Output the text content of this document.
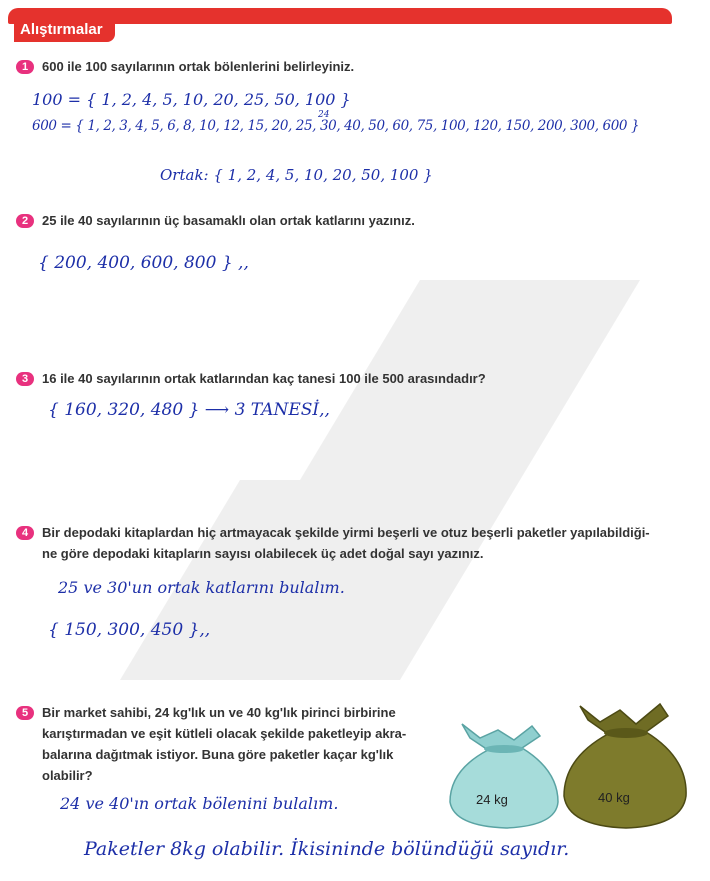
Alıştırmalar
1 600 ile 100 sayılarının ortak bölenlerini belirleyiniz.
100 = { 1, 2, 4, 5, 10, 20, 25, 50, 100 }
24
600 = { 1, 2, 3, 4, 5, 6, 8, 10, 12, 15, 20, 25, 30, 40, 50, 60, 75, 100, 120, 150, 200, 300, 600 }
Ortak: { 1, 2, 4, 5, 10, 20, 50, 100 }
2 25 ile 40 sayılarının üç basamaklı olan ortak katlarını yazınız.
{ 200, 400, 600, 800 } ,,
3 16 ile 40 sayılarının ortak katlarından kaç tanesi 100 ile 500 arasındadır?
{ 160, 320, 480 } ⟶ 3 TANESİ,,
4 Bir depodaki kitaplardan hiç artmayacak şekilde yirmi beşerli ve otuz beşerli paketler yapılabildiği-
ne göre depodaki kitapların sayısı olabilecek üç adet doğal sayı yazınız.
25 ve 30'un ortak katlarını bulalım.
{ 150, 300, 450 },,
5 Bir market sahibi, 24 kg'lık un ve 40 kg'lık pirinci birbirine
karıştırmadan ve eşit kütleli olacak şekilde paketleyip akra-
balarına dağıtmak istiyor. Buna göre paketler kaçar kg'lık
olabilir?
24 ve 40'ın ortak bölenini bulalım.
Paketler 8kg olabilir. İkisininde bölündüğü sayıdır.
24 kg	40 kg
